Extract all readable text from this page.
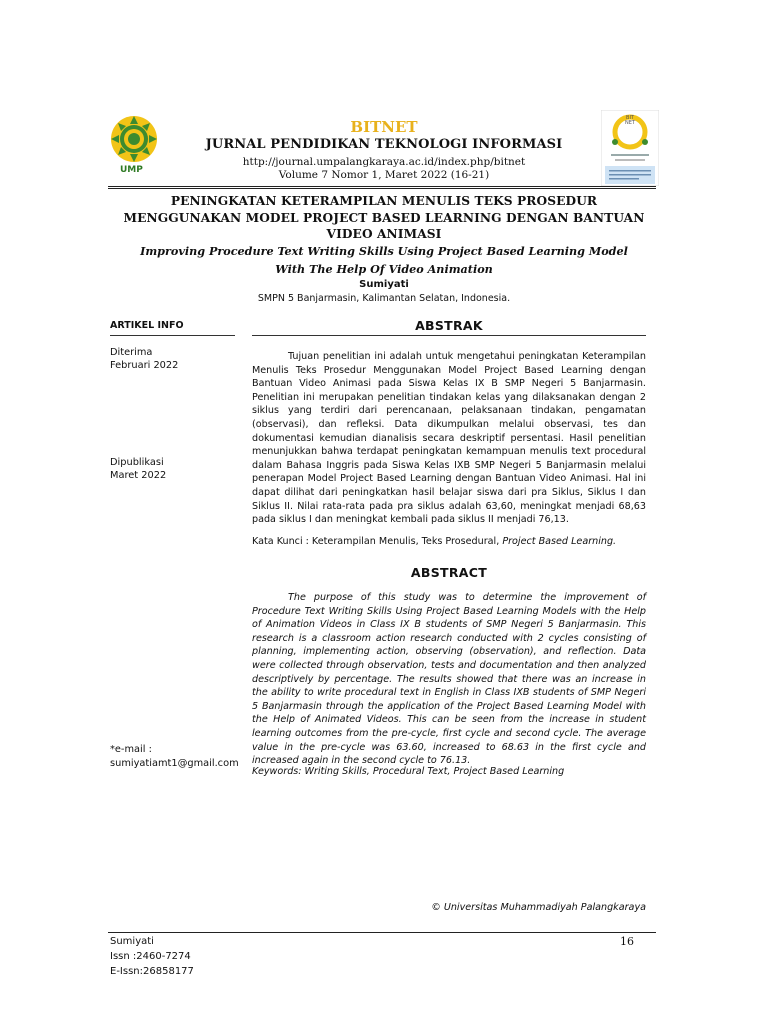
UMP
BITNET
BITNET
JURNAL PENDIDIKAN TEKNOLOGI INFORMASI
http://journal.umpalangkaraya.ac.id/index.php/bitnet
Volume 7 Nomor 1, Maret 2022 (16-21)
PENINGKATAN KETERAMPILAN MENULIS TEKS PROSEDUR
MENGGUNAKAN MODEL PROJECT BASED LEARNING DENGAN BANTUAN
VIDEO ANIMASI
Improving Procedure Text Writing Skills Using Project Based Learning Model
With The Help Of Video Animation
Sumiyati
SMPN 5 Banjarmasin, Kalimantan Selatan, Indonesia.
ARTIKEL INFO
Diterima
Februari 2022
Dipublikasi
Maret 2022
*e-mail :
sumiyatiamt1@gmail.com
ABSTRAK
Tujuan penelitian ini adalah untuk mengetahui peningkatan Keterampilan Menulis Teks Prosedur Menggunakan Model Project Based Learning dengan Bantuan Video Animasi pada Siswa Kelas IX B SMP Negeri 5 Banjarmasin. Penelitian ini merupakan penelitian tindakan kelas yang dilaksanakan dengan 2 siklus yang terdiri dari perencanaan, pelaksanaan tindakan, pengamatan (observasi), dan refleksi. Data dikumpulkan melalui observasi, tes dan dokumentasi kemudian dianalisis secara deskriptif persentasi. Hasil penelitian menunjukkan bahwa terdapat peningkatan kemampuan menulis text procedural dalam Bahasa Inggris pada Siswa Kelas IXB SMP Negeri 5 Banjarmasin melalui penerapan Model Project Based Learning dengan Bantuan Video Animasi. Hal ini dapat dilihat dari peningkatkan hasil belajar siswa dari pra Siklus, Siklus I dan Siklus II. Nilai rata-rata pada pra siklus adalah 63,60, meningkat menjadi 68,63 pada siklus I dan meningkat kembali pada siklus II menjadi 76,13.
Kata Kunci : Keterampilan Menulis, Teks Prosedural, Project Based Learning.
ABSTRACT
The purpose of this study was to determine the improvement of Procedure Text Writing Skills Using Project Based Learning Models with the Help of Animation Videos in Class IX B students of SMP Negeri 5 Banjarmasin. This research is a classroom action research conducted with 2 cycles consisting of planning, implementing action, observing (observation), and reflection. Data were collected through observation, tests and documentation and then analyzed descriptively by percentage. The results showed that there was an increase in the ability to write procedural text in English in Class IXB students of SMP Negeri 5 Banjarmasin through the application of the Project Based Learning Model with the Help of Animated Videos. This can be seen from the increase in student learning outcomes from the pre-cycle, first cycle and second cycle. The average value in the pre-cycle was 63.60, increased to 68.63 in the first cycle and increased again in the second cycle to 76.13.
Keywords: Writing Skills, Procedural Text, Project Based Learning
© Universitas Muhammadiyah Palangkaraya
Sumiyati	16
Issn :2460-7274
E-Issn:26858177
